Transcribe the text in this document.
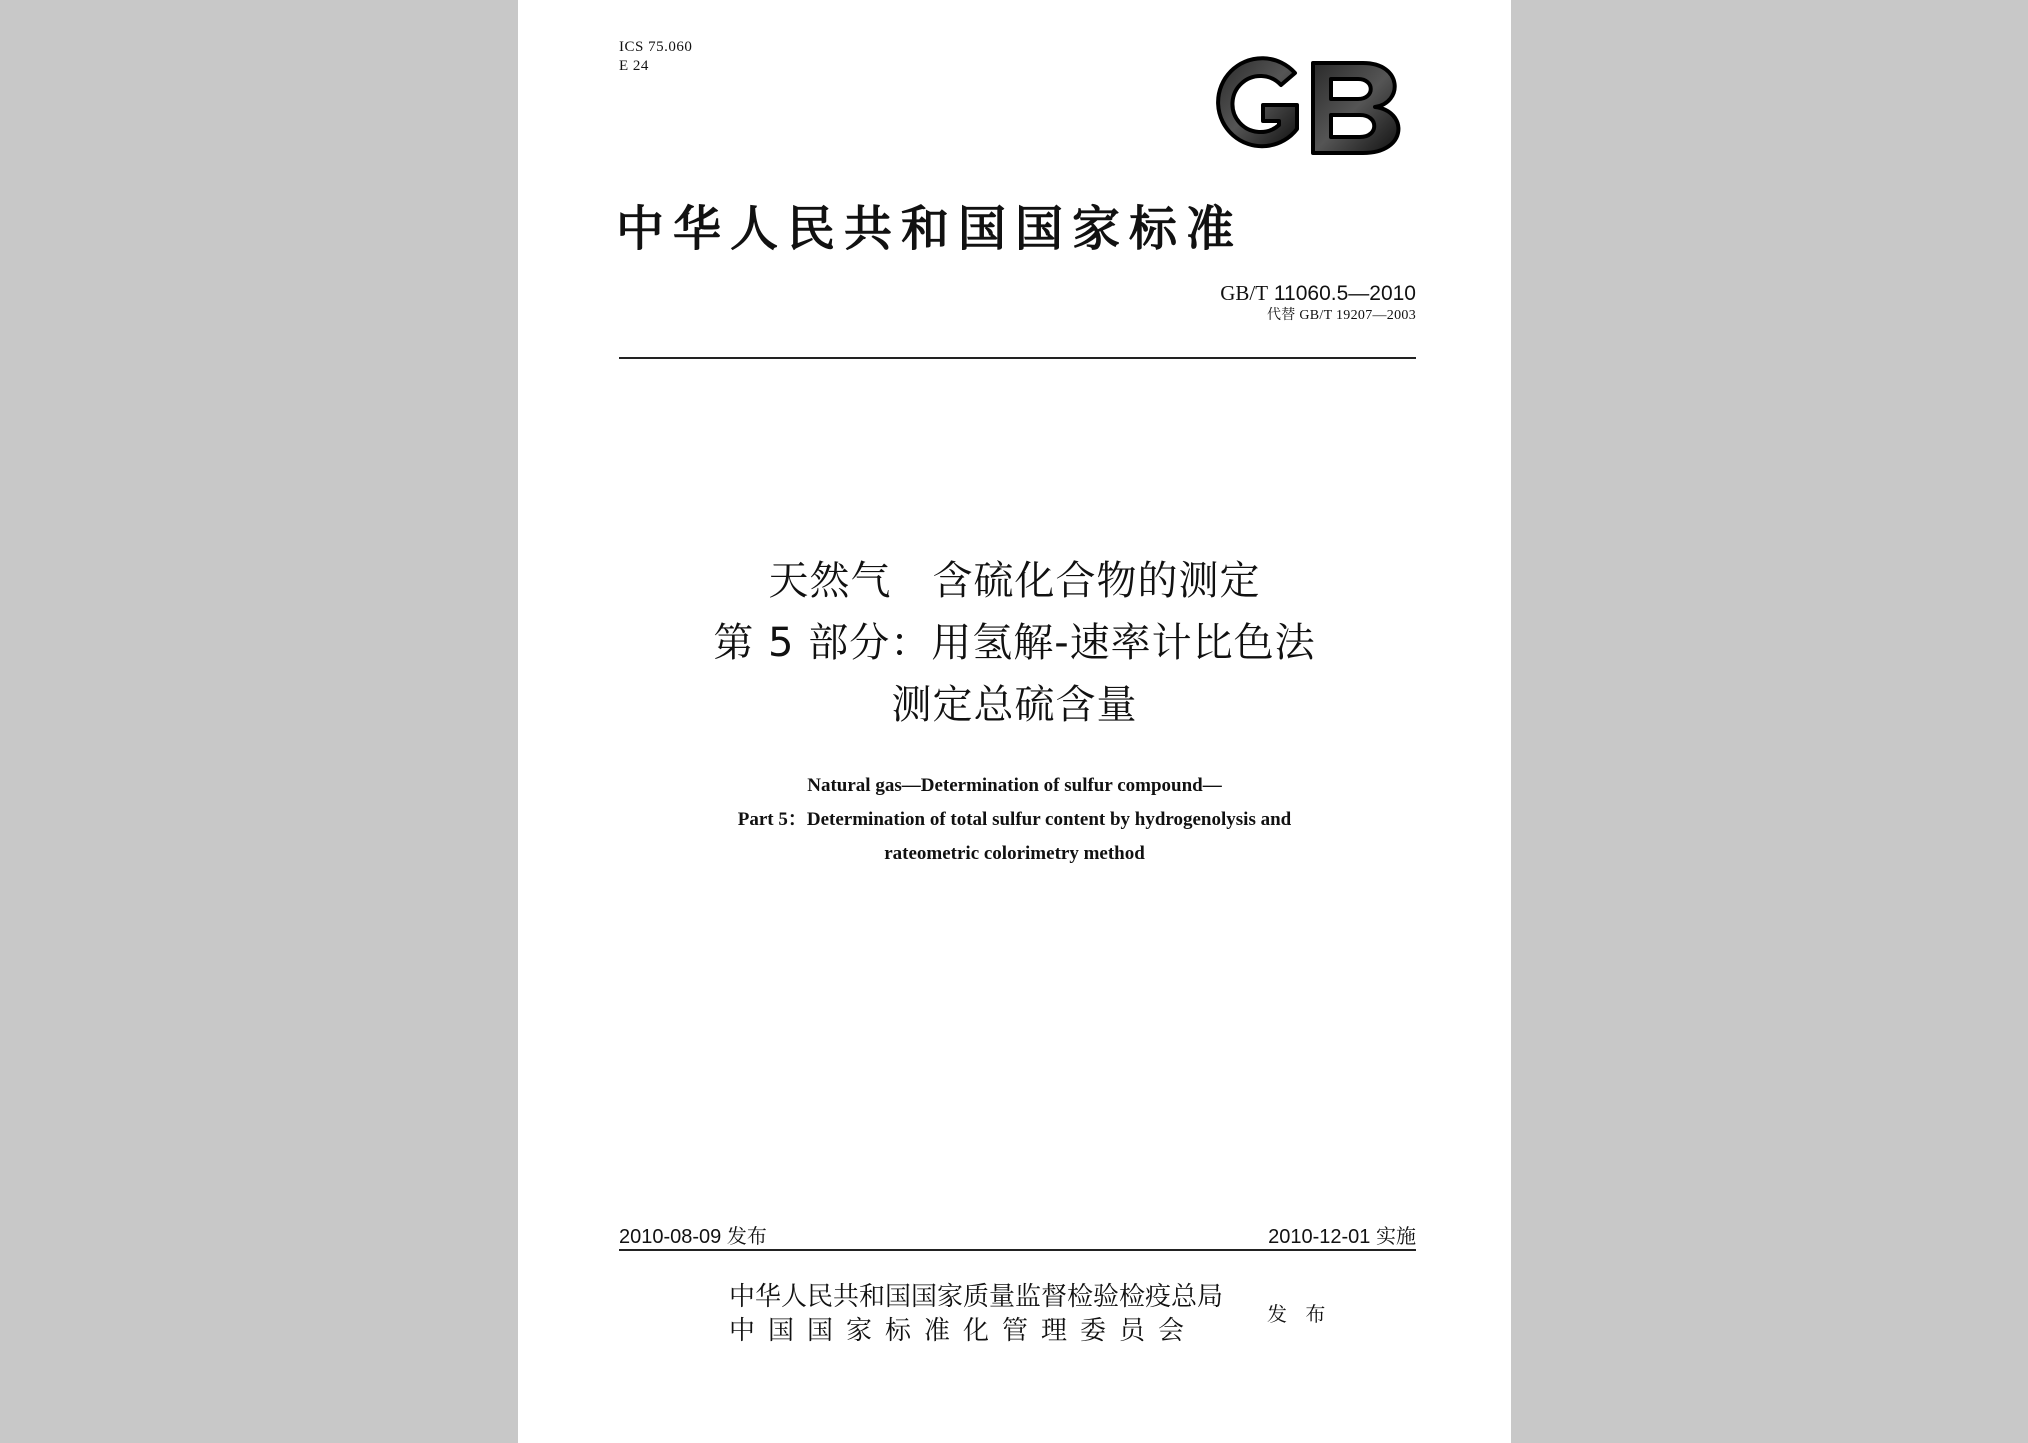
ICS 75.060
E 24
中华人民共和国国家标准
GB/T 11060.5—2010
代替 GB/T 19207—2003
天然气　含硫化合物的测定
第 5 部分：用氢解-速率计比色法
测定总硫含量
Natural gas—Determination of sulfur compound—
Part 5：Determination of total sulfur content by hydrogenolysis and
rateometric colorimetry method
2010-08-09 发布	2010-12-01 实施
中华人民共和国国家质量监督检验检疫总局
中国国家标准化管理委员会
发 布
